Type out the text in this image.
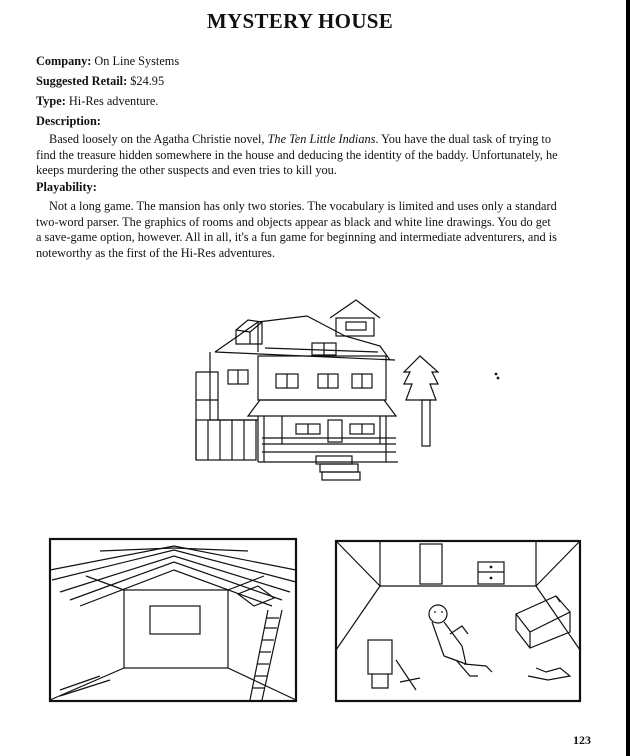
MYSTERY HOUSE
Company: On Line Systems
Suggested Retail: $24.95
Type: Hi-Res adventure.
Description:

Based loosely on the Agatha Christie novel, The Ten Little Indians. You have the dual task of trying to find the treasure hidden somewhere in the house and deducing the identity of the baddy. Unfortunately, he keeps murdering the other suspects and even tries to kill you.

Playability:

Not a long game. The mansion has only two stories. The vocabulary is limited and uses only a standard two-word parser. The graphics of rooms and objects appear as black and white line drawings. You do get a save-game option, however. All in all, it's a fun game for beginning and intermediate adventurers, and is noteworthy as the first of the Hi-Res adventures.

123
